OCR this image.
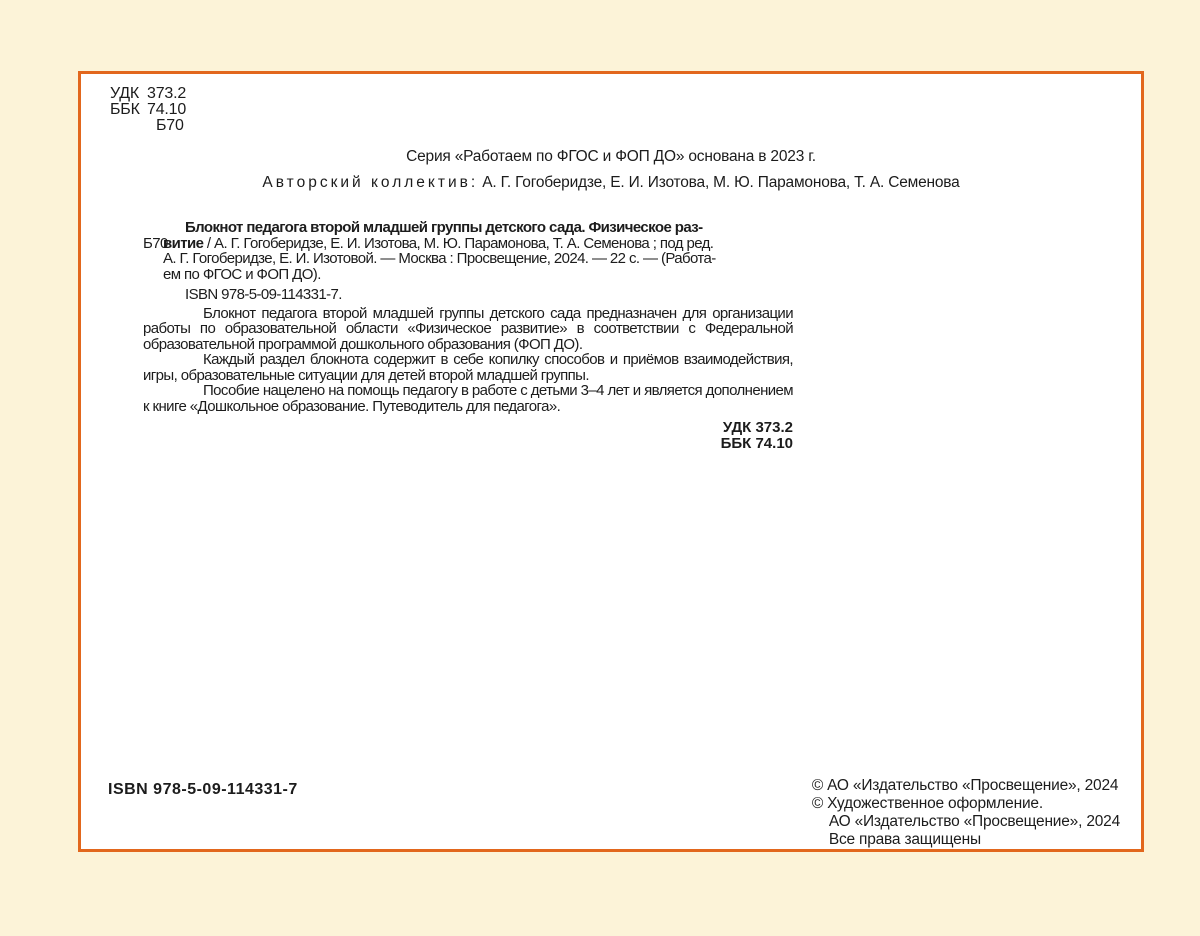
УДК 373.2
ББК 74.10
Б70
Серия «Работаем по ФГОС и ФОП ДО» основана в 2023 г.
Авторский коллектив: А. Г. Гогоберидзе, Е. И. Изотова, М. Ю. Парамонова, Т. А. Семенова
Б70
Блокнот педагога второй младшей группы детского сада. Физическое раз-
витие / А. Г. Гогоберидзе, Е. И. Изотова, М. Ю. Парамонова, Т. А. Семенова ; под ред.
А. Г. Гогоберидзе, Е. И. Изотовой. — Москва : Просвещение, 2024. — 22 с. — (Работа-
ем по ФГОС и ФОП ДО).
ISBN 978-5-09-114331-7.

Блокнот педагога второй младшей группы детского сада предназначен для организации работы по образовательной области «Физическое развитие» в соответствии с Федеральной образовательной программой дошкольного образования (ФОП ДО).

Каждый раздел блокнота содержит в себе копилку способов и приёмов взаимодействия, игры, образовательные ситуации для детей второй младшей группы.

Пособие нацелено на помощь педагогу в работе с детьми 3–4 лет и является дополнением к книге «Дошкольное образование. Путеводитель для педагога».

УДК 373.2
ББК 74.10
ISBN 978-5-09-114331-7	© АО «Издательство «Просвещение», 2024
© Художественное оформление.
АО «Издательство «Просвещение», 2024
Все права защищены
